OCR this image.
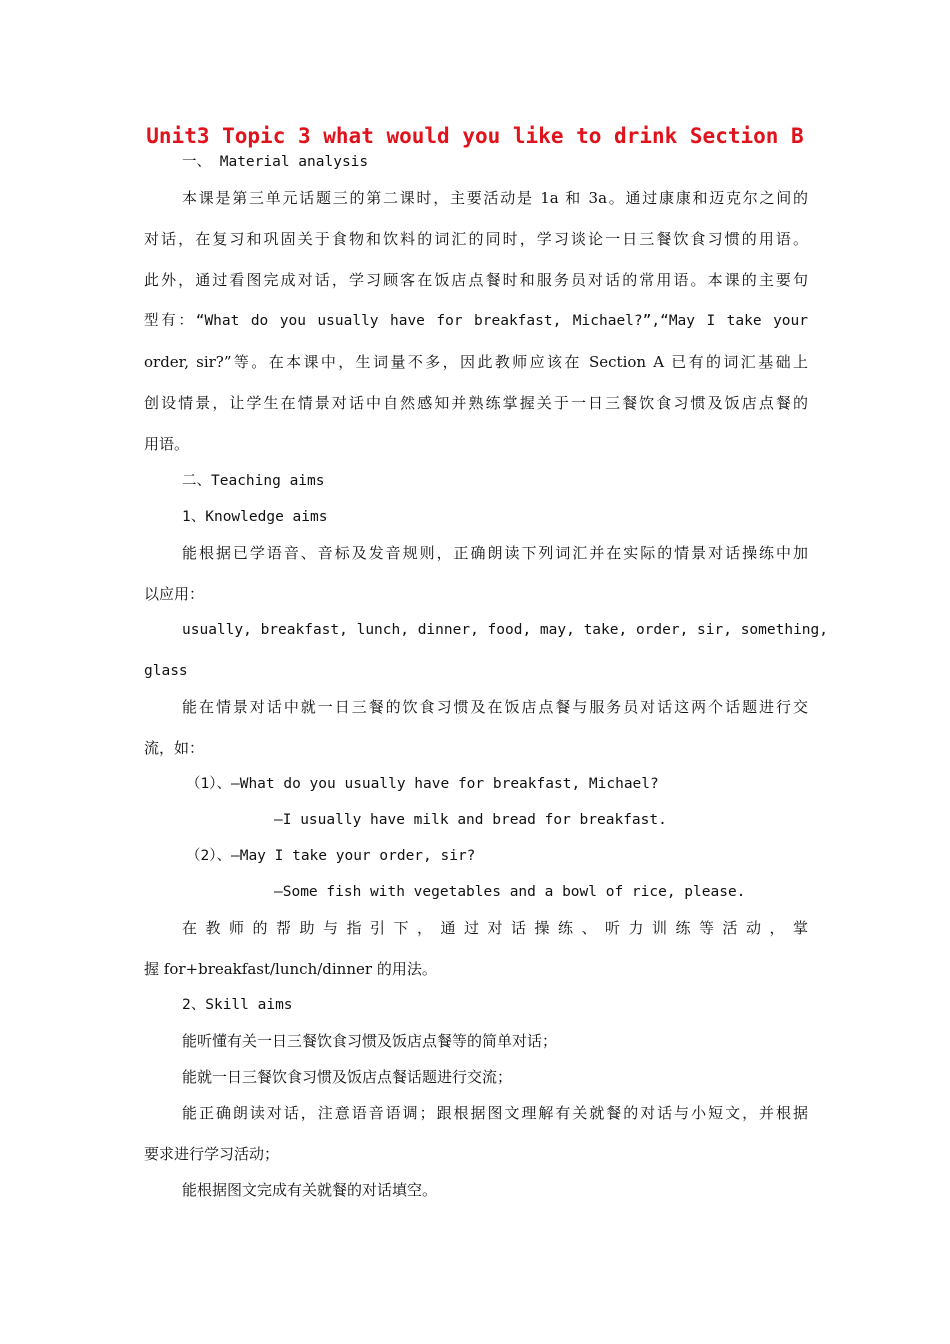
Unit3 Topic 3 what would you like to drink Section B
一、 Material analysis
本课是第三单元话题三的第二课时，主要活动是 1a 和 3a。通过康康和迈克尔之间的
对话，在复习和巩固关于食物和饮料的词汇的同时，学习谈论一日三餐饮食习惯的用语。
此外，通过看图完成对话，学习顾客在饭店点餐时和服务员对话的常用语。本课的主要句
型有：“What do you usually have for breakfast, Michael?”,“May I take your
order, sir?”等。在本课中，生词量不多，因此教师应该在 Section A 已有的词汇基础上
创设情景，让学生在情景对话中自然感知并熟练掌握关于一日三餐饮食习惯及饭店点餐的
用语。
二、Teaching aims
1、Knowledge aims
能根据已学语音、音标及发音规则，正确朗读下列词汇并在实际的情景对话操练中加
以应用：
usually, breakfast, lunch, dinner, food, may, take, order, sir, something,
glass
能在情景对话中就一日三餐的饮食习惯及在饭店点餐与服务员对话这两个话题进行交
流，如：
（1）、—What do you usually have for breakfast, Michael?
—I usually have milk and bread for breakfast.
（2）、—May I take your order, sir?
—Some fish with vegetables and a bowl of rice, please.
在 教 师 的 帮 助 与 指 引 下 ， 通 过 对 话 操 练 、 听 力 训 练 等 活 动 ， 掌
握 for+breakfast/lunch/dinner 的用法。
2、Skill aims
能听懂有关一日三餐饮食习惯及饭店点餐等的简单对话；
能就一日三餐饮食习惯及饭店点餐话题进行交流；
能正确朗读对话，注意语音语调；跟根据图文理解有关就餐的对话与小短文，并根据
要求进行学习活动；
能根据图文完成有关就餐的对话填空。
